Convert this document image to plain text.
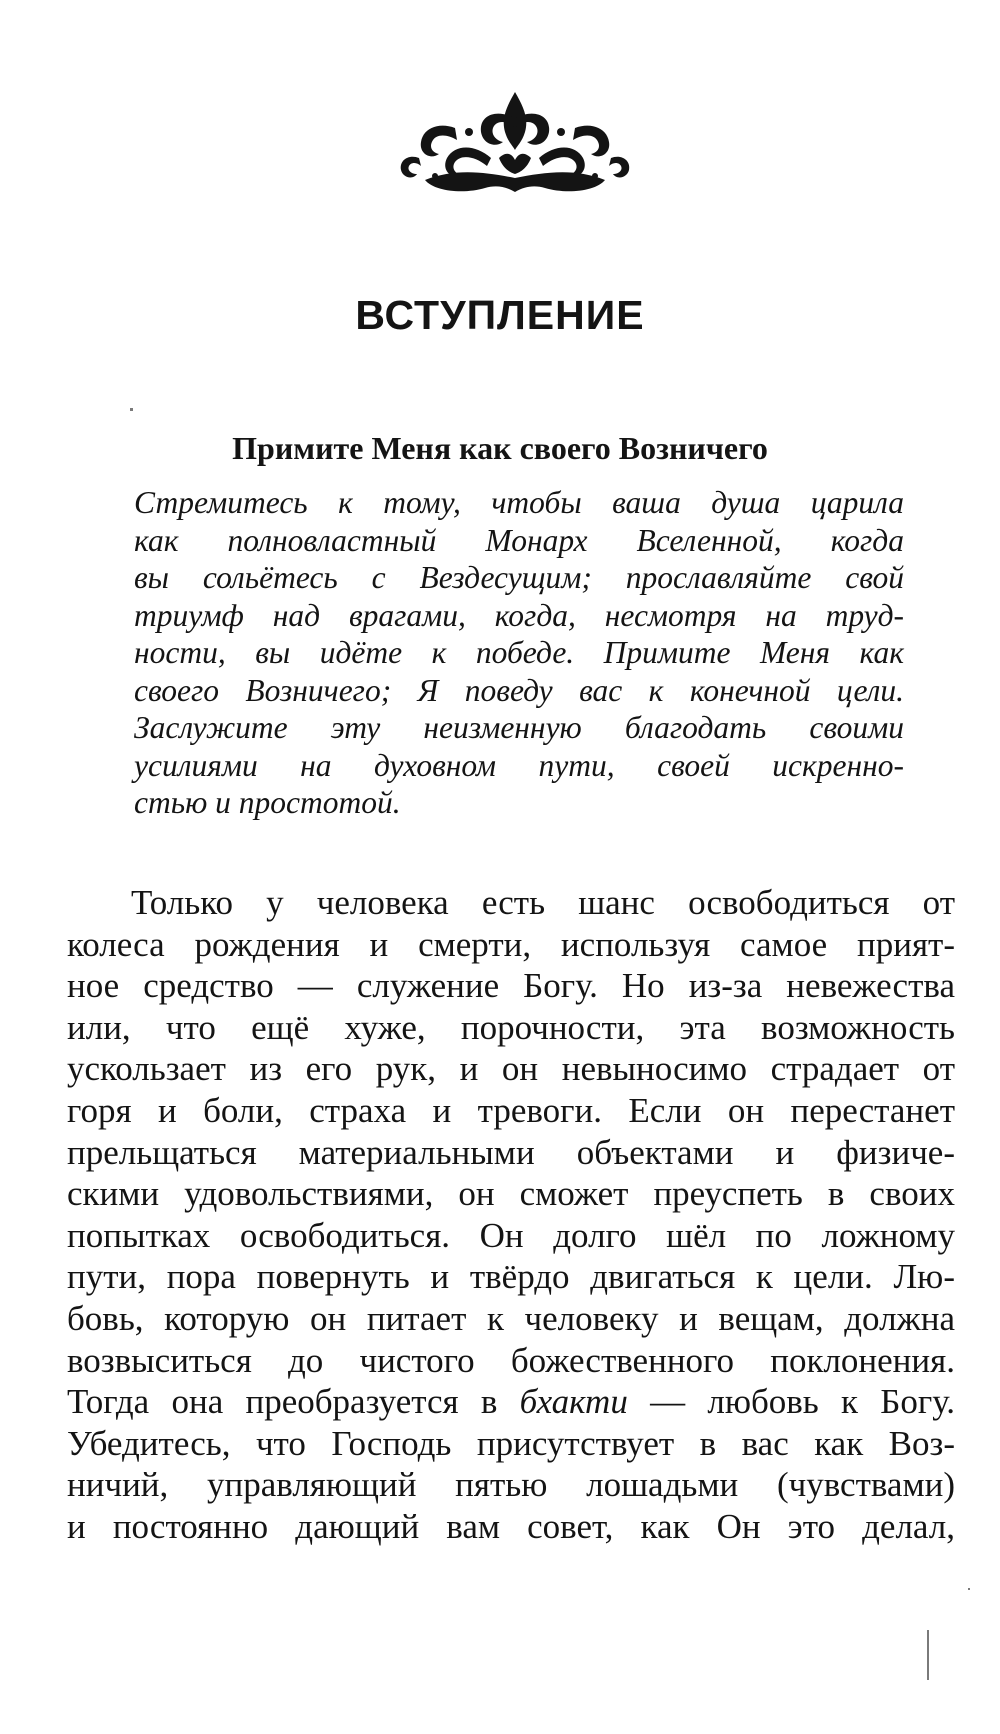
ВСТУПЛЕНИЕ
Примите Меня как своего Возничего
Стремитесь к тому, чтобы ваша душа царила
как полновластный Монарх Вселенной, когда
вы сольётесь с Вездесущим; прославляйте свой
триумф над врагами, когда, несмотря на труд-
ности, вы идёте к победе. Примите Меня как
своего Возничего; Я поведу вас к конечной цели.
Заслужите эту неизменную благодать своими
усилиями на духовном пути, своей искренно-
стью и простотой.
Только у человека есть шанс освободиться от
колеса рождения и смерти, используя самое прият-
ное средство — служение Богу. Но из-за невежества
или, что ещё хуже, порочности, эта возможность
ускользает из его рук, и он невыносимо страдает от
горя и боли, страха и тревоги. Если он перестанет
прельщаться материальными объектами и физиче-
скими удовольствиями, он сможет преуспеть в своих
попытках освободиться. Он долго шёл по ложному
пути, пора повернуть и твёрдо двигаться к цели. Лю-
бовь, которую он питает к человеку и вещам, должна
возвыситься до чистого божественного поклонения.
Тогда она преобразуется в бхакти — любовь к Богу.
Убедитесь, что Господь присутствует в вас как Воз-
ничий, управляющий пятью лошадьми (чувствами)
и постоянно дающий вам совет, как Он это делал,
